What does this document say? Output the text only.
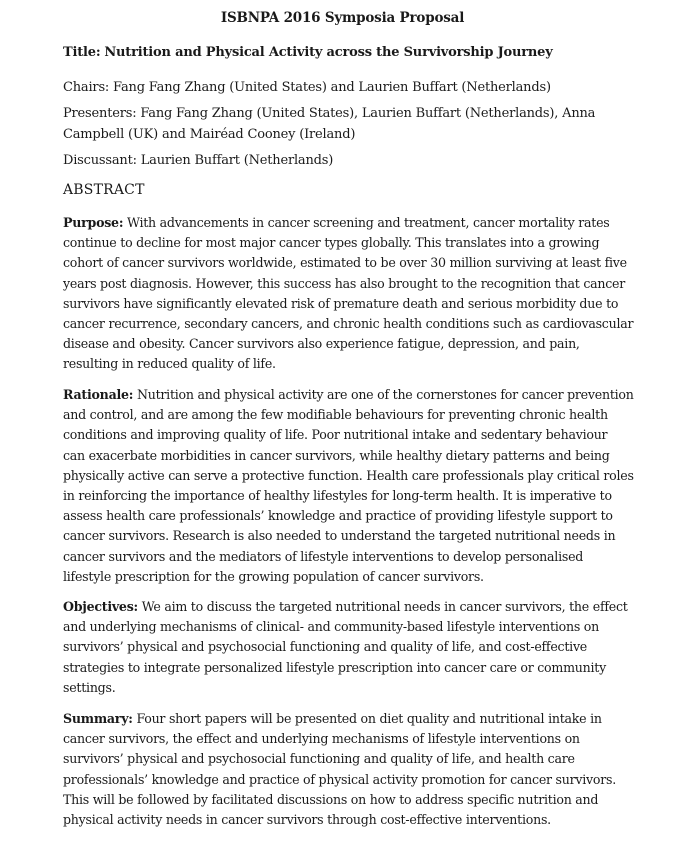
ISBNPA 2016 Symposia Proposal
Title: Nutrition and Physical Activity across the Survivorship Journey
Chairs: Fang Fang Zhang (United States) and Laurien Buffart (Netherlands)
Presenters: Fang Fang Zhang (United States), Laurien Buffart (Netherlands), Anna
Campbell (UK) and Mairéad Cooney (Ireland)
Discussant: Laurien Buffart (Netherlands)
ABSTRACT
Purpose: With advancements in cancer screening and treatment, cancer mortality rates
continue to decline for most major cancer types globally. This translates into a growing
cohort of cancer survivors worldwide, estimated to be over 30 million surviving at least five
years post diagnosis. However, this success has also brought to the recognition that cancer
survivors have significantly elevated risk of premature death and serious morbidity due to
cancer recurrence, secondary cancers, and chronic health conditions such as cardiovascular
disease and obesity. Cancer survivors also experience fatigue, depression, and pain,
resulting in reduced quality of life.
Rationale: Nutrition and physical activity are one of the cornerstones for cancer prevention
and control, and are among the few modifiable behaviours for preventing chronic health
conditions and improving quality of life. Poor nutritional intake and sedentary behaviour
can exacerbate morbidities in cancer survivors, while healthy dietary patterns and being
physically active can serve a protective function. Health care professionals play critical roles
in reinforcing the importance of healthy lifestyles for long-term health. It is imperative to
assess health care professionals’ knowledge and practice of providing lifestyle support to
cancer survivors. Research is also needed to understand the targeted nutritional needs in
cancer survivors and the mediators of lifestyle interventions to develop personalised
lifestyle prescription for the growing population of cancer survivors.
Objectives: We aim to discuss the targeted nutritional needs in cancer survivors, the effect
and underlying mechanisms of clinical- and community-based lifestyle interventions on
survivors’ physical and psychosocial functioning and quality of life, and cost-effective
strategies to integrate personalized lifestyle prescription into cancer care or community
settings.
Summary: Four short papers will be presented on diet quality and nutritional intake in
cancer survivors, the effect and underlying mechanisms of lifestyle interventions on
survivors’ physical and psychosocial functioning and quality of life, and health care
professionals’ knowledge and practice of physical activity promotion for cancer survivors.
This will be followed by facilitated discussions on how to address specific nutrition and
physical activity needs in cancer survivors through cost-effective interventions.
